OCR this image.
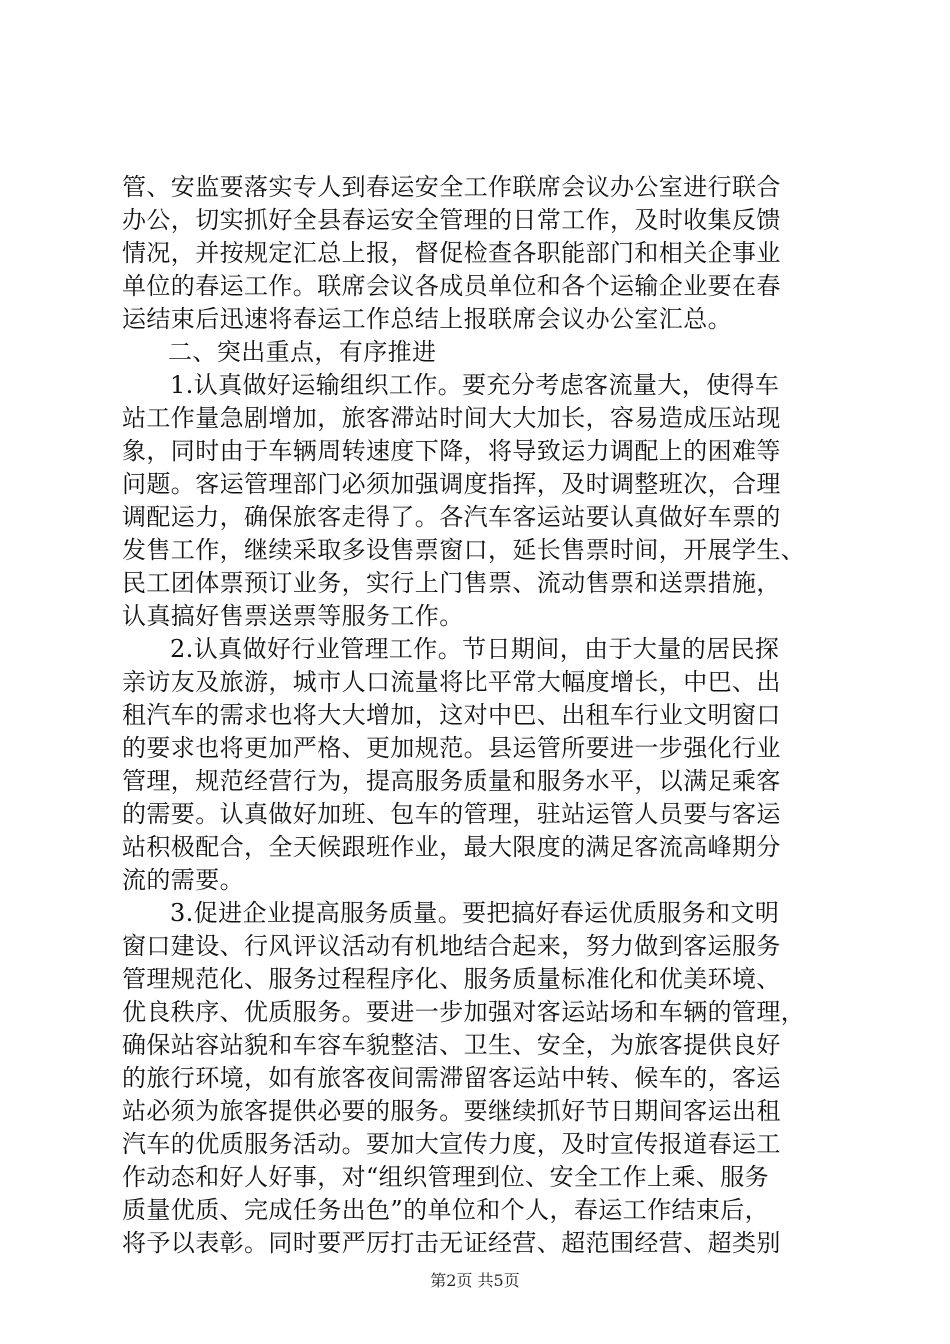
管、安监要落实专人到春运安全工作联席会议办公室进行联合
办公，切实抓好全县春运安全管理的日常工作，及时收集反馈
情况，并按规定汇总上报，督促检查各职能部门和相关企事业
单位的春运工作。联席会议各成员单位和各个运输企业要在春
运结束后迅速将春运工作总结上报联席会议办公室汇总。
二、突出重点，有序推进
1.认真做好运输组织工作。要充分考虑客流量大，使得车
站工作量急剧增加，旅客滞站时间大大加长，容易造成压站现
象，同时由于车辆周转速度下降，将导致运力调配上的困难等
问题。客运管理部门必须加强调度指挥，及时调整班次，合理
调配运力，确保旅客走得了。各汽车客运站要认真做好车票的
发售工作，继续采取多设售票窗口，延长售票时间，开展学生、
民工团体票预订业务，实行上门售票、流动售票和送票措施，
认真搞好售票送票等服务工作。
2.认真做好行业管理工作。节日期间，由于大量的居民探
亲访友及旅游，城市人口流量将比平常大幅度增长，中巴、出
租汽车的需求也将大大增加，这对中巴、出租车行业文明窗口
的要求也将更加严格、更加规范。县运管所要进一步强化行业
管理，规范经营行为，提高服务质量和服务水平，以满足乘客
的需要。认真做好加班、包车的管理，驻站运管人员要与客运
站积极配合，全天候跟班作业，最大限度的满足客流高峰期分
流的需要。
3.促进企业提高服务质量。要把搞好春运优质服务和文明
窗口建设、行风评议活动有机地结合起来，努力做到客运服务
管理规范化、服务过程程序化、服务质量标准化和优美环境、
优良秩序、优质服务。要进一步加强对客运站场和车辆的管理，
确保站容站貌和车容车貌整洁、卫生、安全，为旅客提供良好
的旅行环境，如有旅客夜间需滞留客运站中转、候车的，客运
站必须为旅客提供必要的服务。要继续抓好节日期间客运出租
汽车的优质服务活动。要加大宣传力度，及时宣传报道春运工
作动态和好人好事，对“组织管理到位、安全工作上乘、服务
质量优质、完成任务出色”的单位和个人，春运工作结束后，
将予以表彰。同时要严厉打击无证经营、超范围经营、超类别
第2页 共5页
